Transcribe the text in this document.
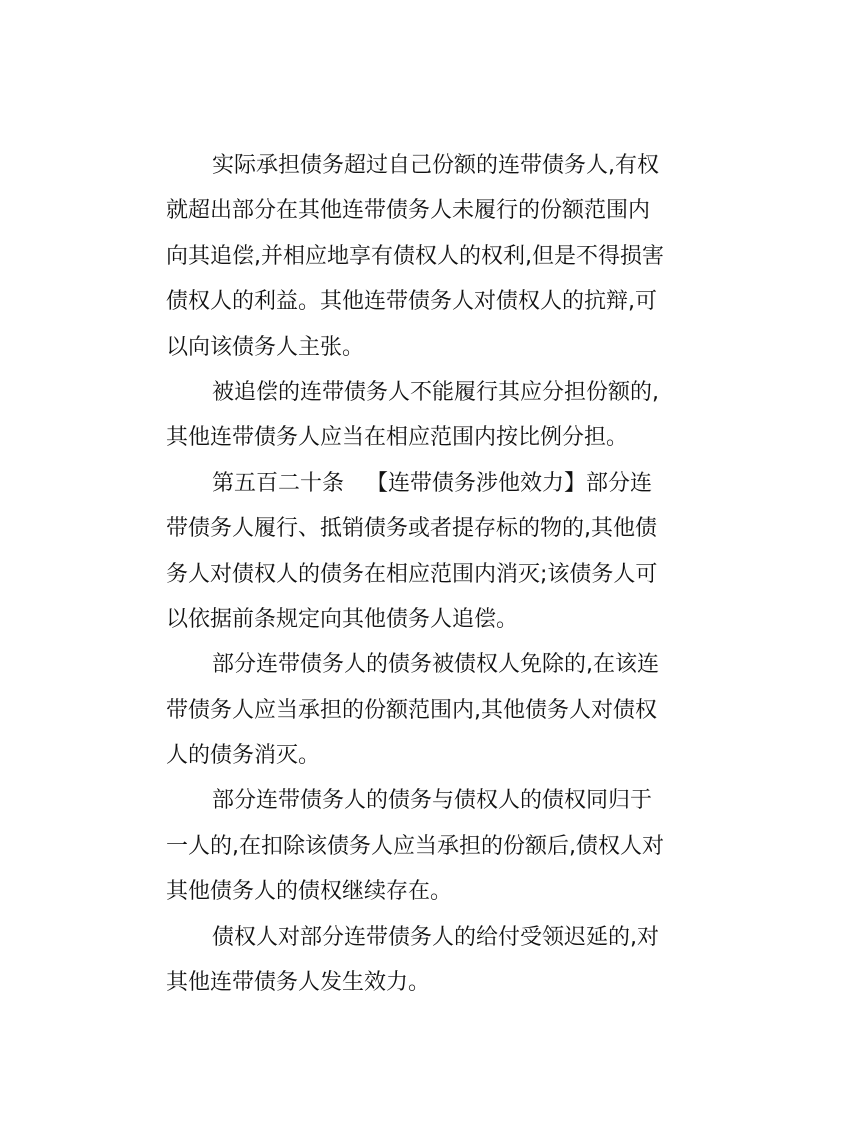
实际承担债务超过自己份额的连带债务人,有权
就超出部分在其他连带债务人未履行的份额范围内
向其追偿,并相应地享有债权人的权利,但是不得损害
债权人的利益。其他连带债务人对债权人的抗辩,可
以向该债务人主张。
被追偿的连带债务人不能履行其应分担份额的,
其他连带债务人应当在相应范围内按比例分担。
第五百二十条 【连带债务涉他效力】部分连
带债务人履行、抵销债务或者提存标的物的,其他债
务人对债权人的债务在相应范围内消灭;该债务人可
以依据前条规定向其他债务人追偿。
部分连带债务人的债务被债权人免除的,在该连
带债务人应当承担的份额范围内,其他债务人对债权
人的债务消灭。
部分连带债务人的债务与债权人的债权同归于
一人的,在扣除该债务人应当承担的份额后,债权人对
其他债务人的债权继续存在。
债权人对部分连带债务人的给付受领迟延的,对
其他连带债务人发生效力。
